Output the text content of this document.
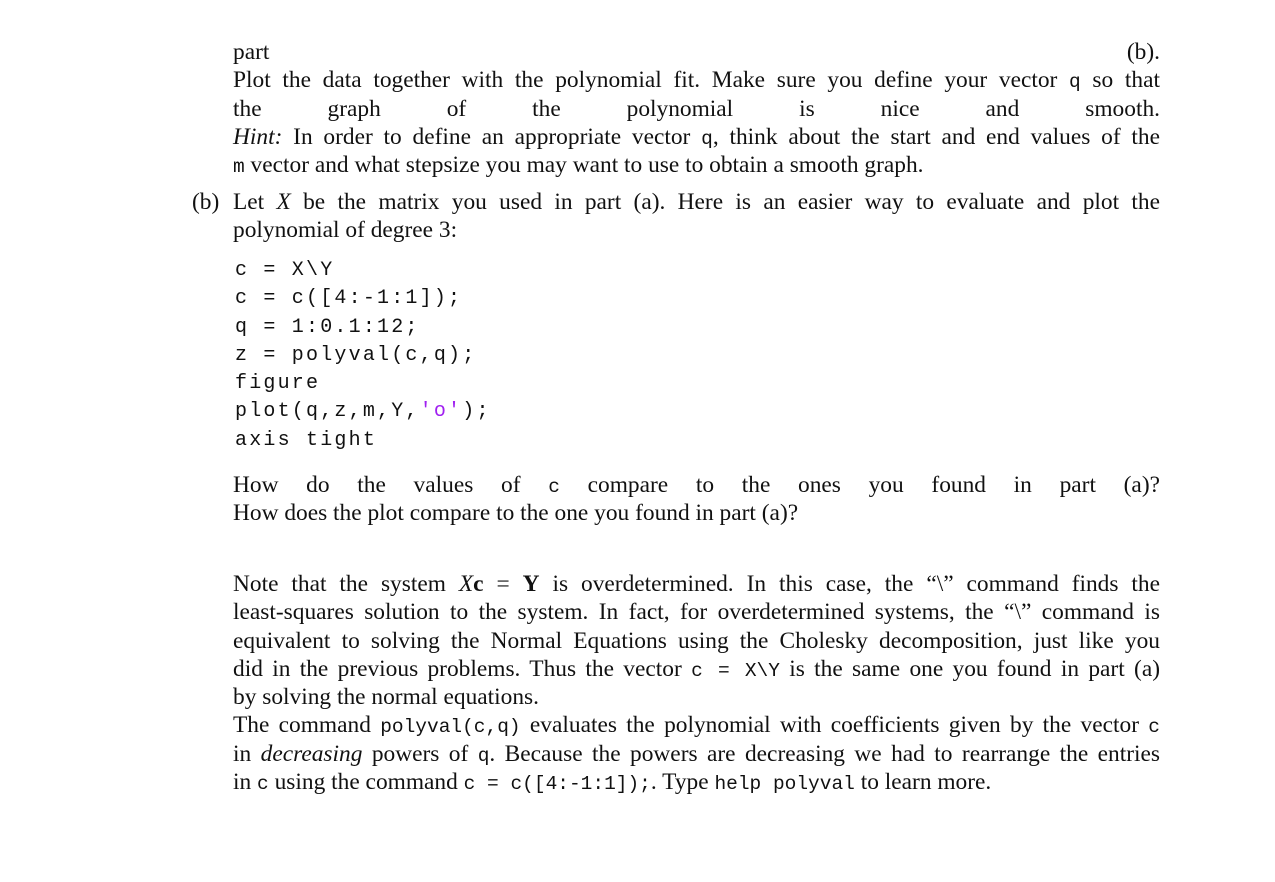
part (b).
Plot the data together with the polynomial fit. Make sure you define your vector q so that
the graph of the polynomial is nice and smooth.
Hint: In order to define an appropriate vector q, think about the start and end values of the
m vector and what stepsize you may want to use to obtain a smooth graph.
(b) Let X be the matrix you used in part (a). Here is an easier way to evaluate and plot the
polynomial of degree 3:
c = X\Y
c = c([4:-1:1]);
q = 1:0.1:12;
z = polyval(c,q);
figure
plot(q,z,m,Y,'o');
axis tight
How do the values of c compare to the ones you found in part (a)?
How does the plot compare to the one you found in part (a)?
Note that the system Xc = Y is overdetermined. In this case, the “\” command finds the
least-squares solution to the system. In fact, for overdetermined systems, the “\” command is
equivalent to solving the Normal Equations using the Cholesky decomposition, just like you
did in the previous problems. Thus the vector c = X\Y is the same one you found in part (a)
by solving the normal equations.
The command polyval(c,q) evaluates the polynomial with coefficients given by the vector c
in decreasing powers of q. Because the powers are decreasing we had to rearrange the entries
in c using the command c = c([4:-1:1]);. Type help polyval to learn more.
